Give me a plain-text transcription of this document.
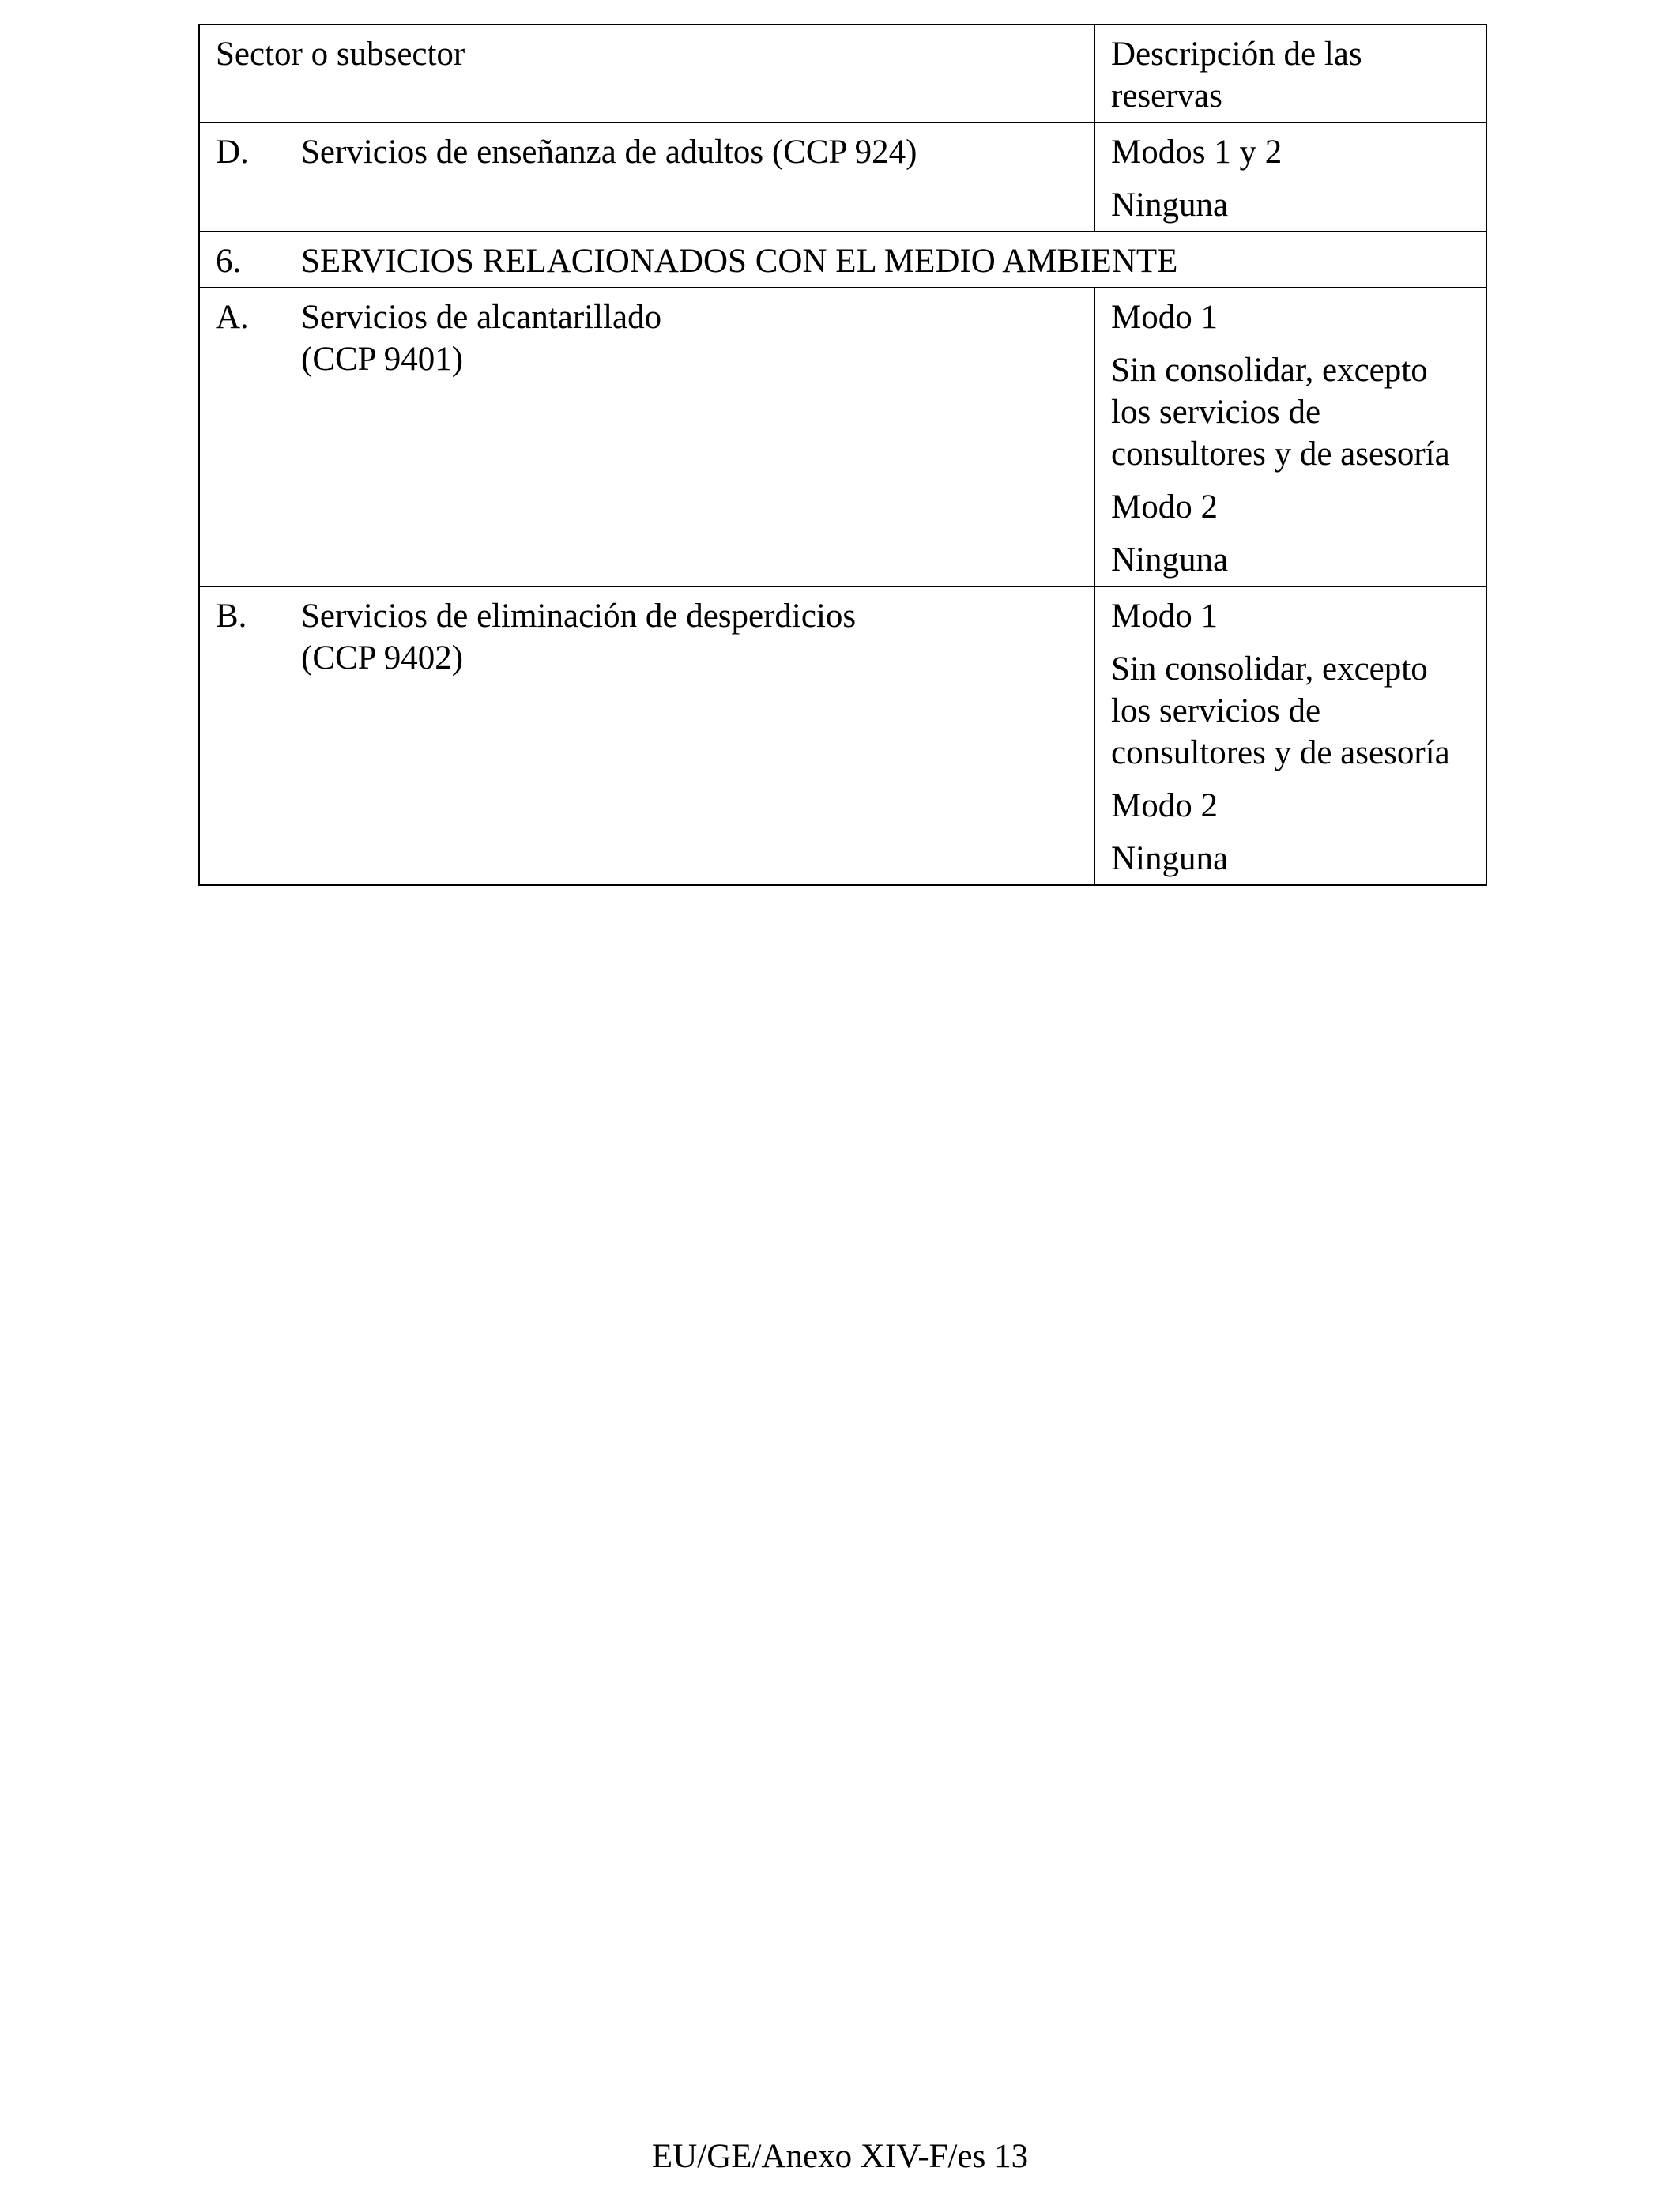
Sector o subsector	Descripción de las reservas

D. Servicios de enseñanza de adultos (CCP 924)	Modos 1 y 2
Ninguna

6. SERVICIOS RELACIONADOS CON EL MEDIO AMBIENTE	

A. Servicios de alcantarillado
(CCP 9401)	Modo 1
Sin consolidar, excepto los servicios de consultores y de asesoría
Modo 2
Ninguna

B. Servicios de eliminación de desperdicios
(CCP 9402)	Modo 1
Sin consolidar, excepto los servicios de consultores y de asesoría
Modo 2
Ninguna
EU/GE/Anexo XIV-F/es 13
